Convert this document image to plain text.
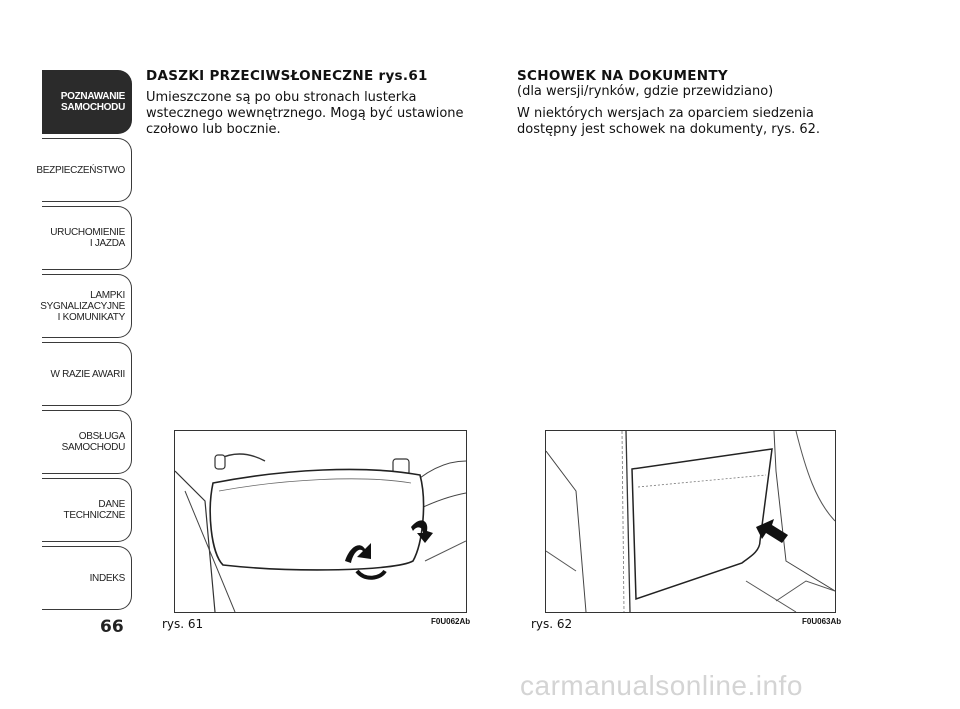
POZNAWANIE
SAMOCHODU
BEZPIECZEŃSTWO
URUCHOMIENIE
I JAZDA
LAMPKI
SYGNALIZACYJNE
I KOMUNIKATY
W RAZIE AWARII
OBSŁUGA
SAMOCHODU
DANE
TECHNICZNE
INDEKS
66
DASZKI PRZECIWSŁONECZNE rys.61

Umieszczone są po obu stronach lusterka wstecznego wewnętrznego. Mogą być ustawione czołowo lub bocznie.

SCHOWEK NA DOKUMENTY

(dla wersji/rynków, gdzie przewidziano)

W niektórych wersjach za oparciem siedzenia dostępny jest schowek na dokumenty, rys. 62.

rys. 61	F0U062Ab	rys. 62	F0U063Ab
carmanualsonline.info
